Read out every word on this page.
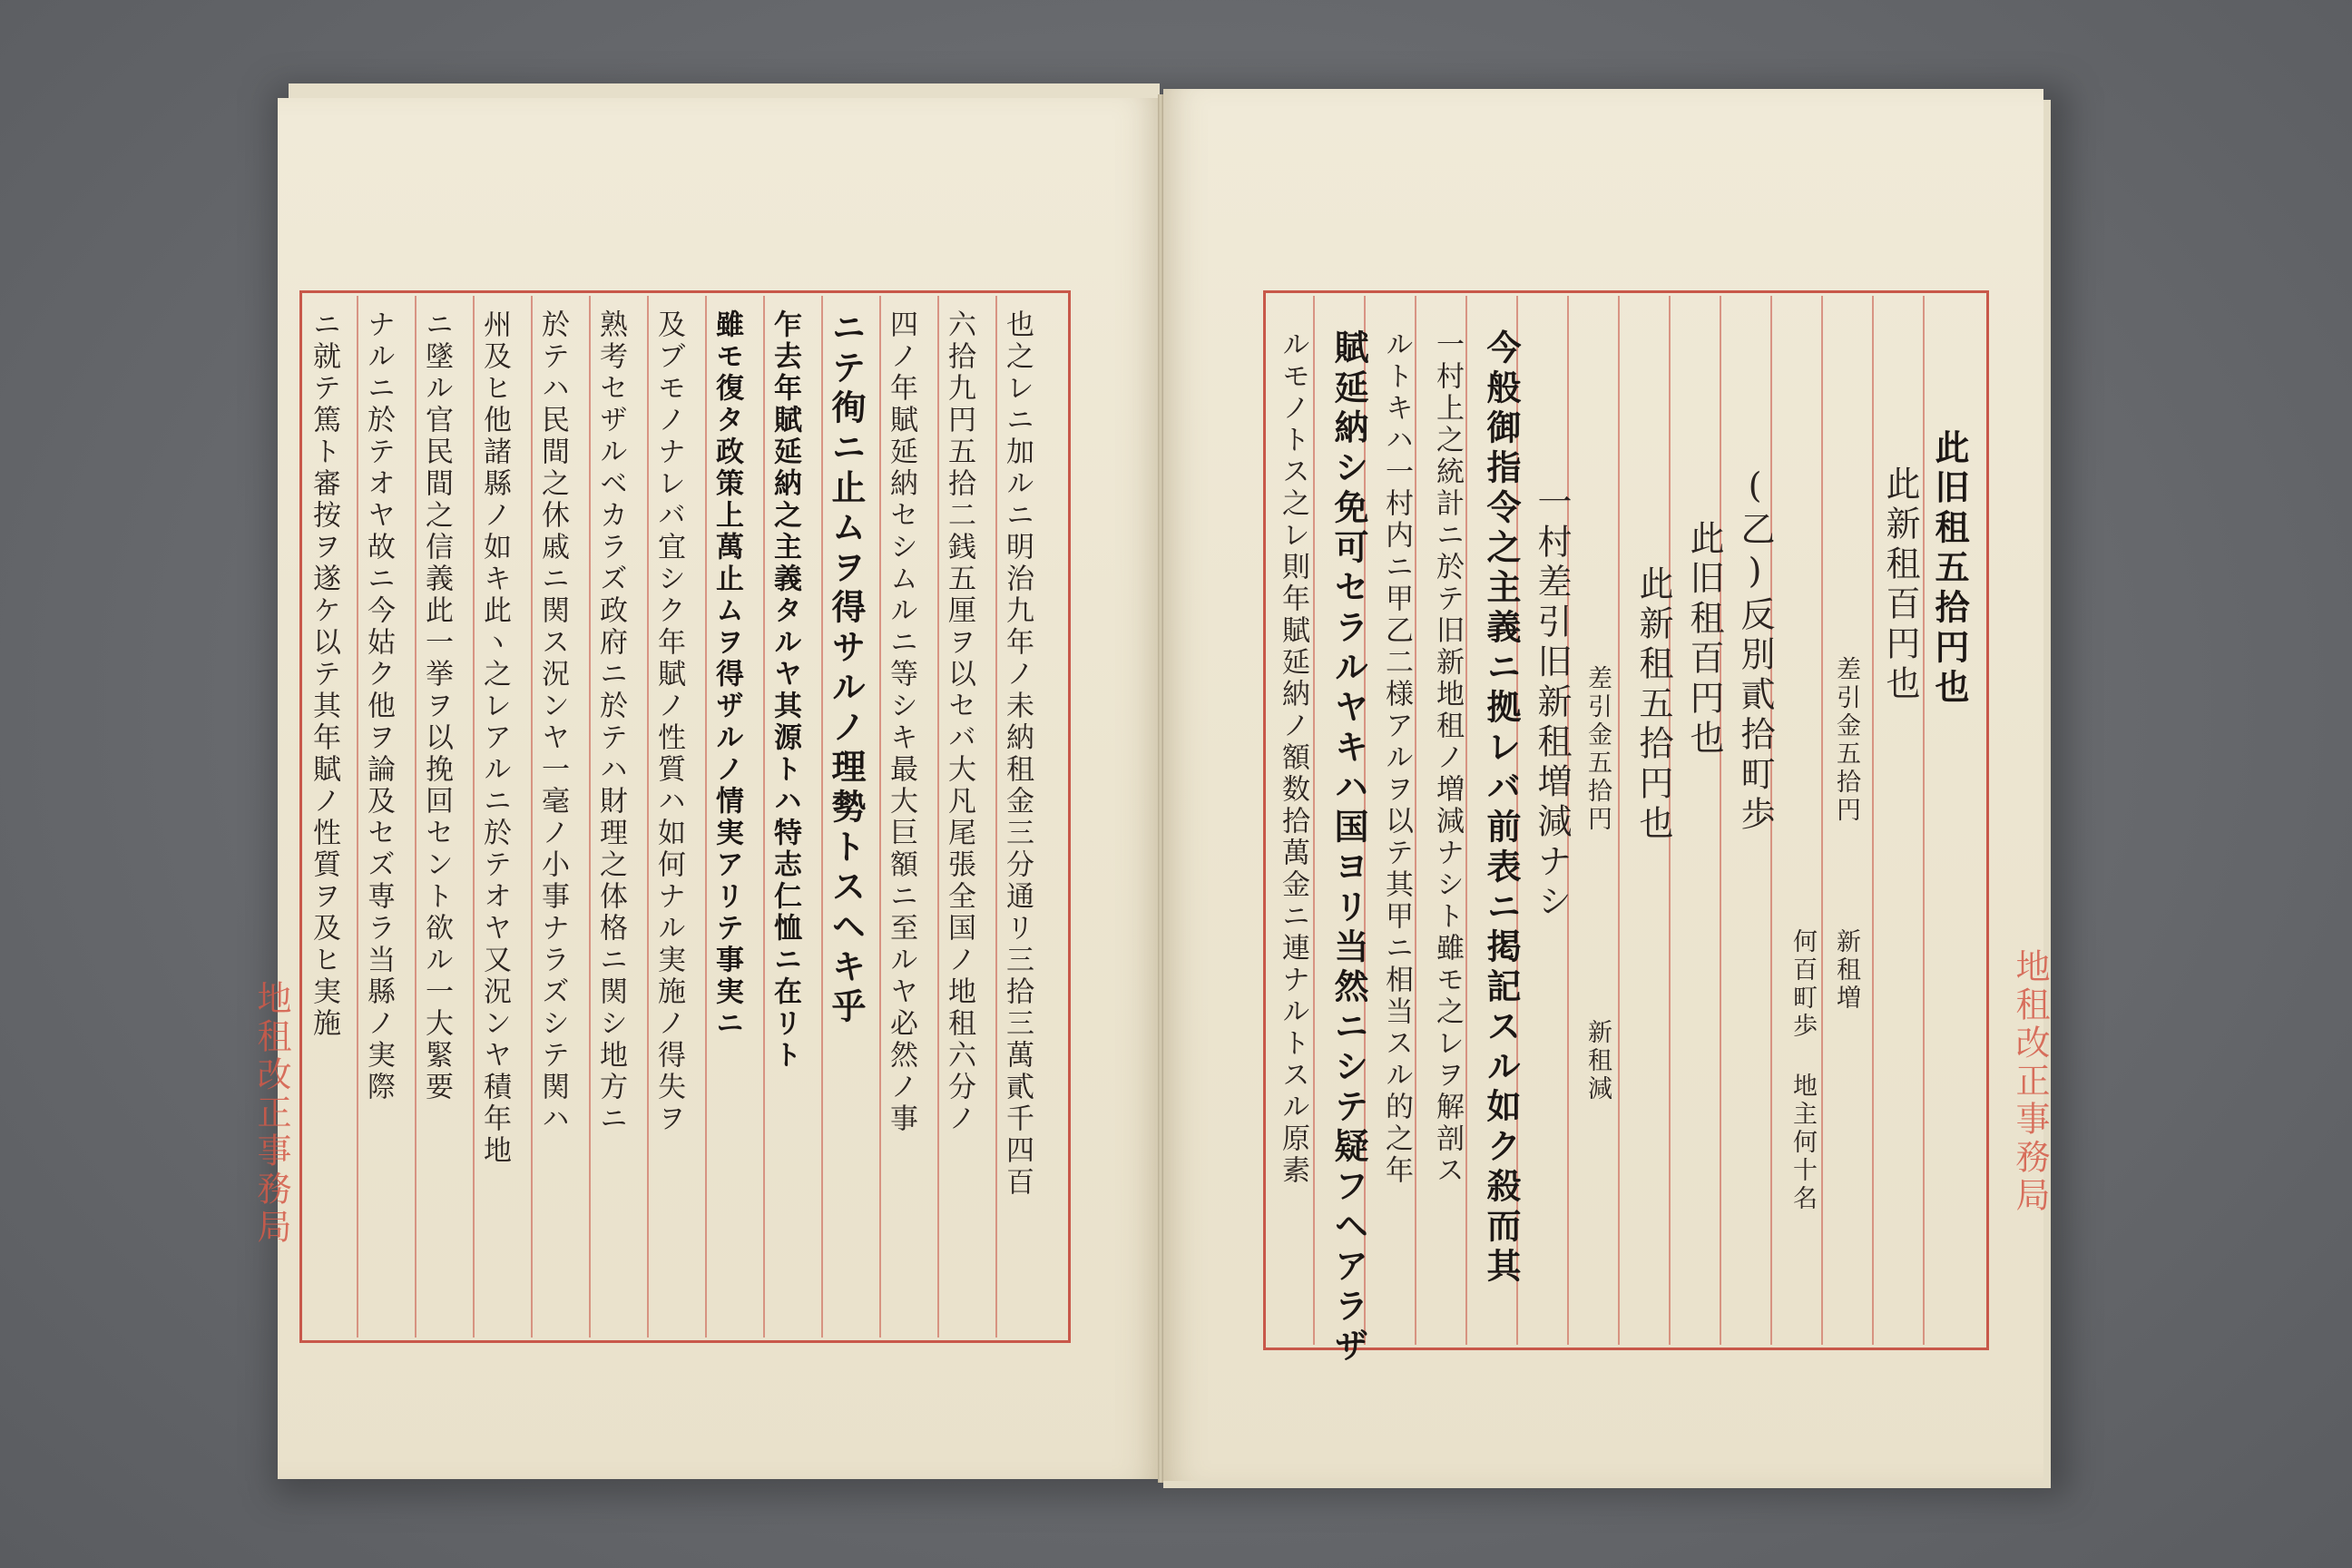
也之レニ加ルニ明治九年ノ未納租金三分通リ三拾三萬貳千四百
六拾九円五拾二銭五厘ヲ以セバ大凡尾張全国ノ地租六分ノ
四ノ年賦延納セシムルニ等シキ最大巨額ニ至ルヤ必然ノ事
ニテ徇ニ止ムヲ得サルノ理勢トスヘキ乎
乍去年賦延納之主義タルヤ其源トハ特志仁恤ニ在リト
雖モ復タ政策上萬止ムヲ得ザルノ情実アリテ事実ニ
及ブモノナレバ宜シク年賦ノ性質ハ如何ナル実施ノ得失ヲ
熟考セザルベカラズ政府ニ於テハ財理之体格ニ関シ地方ニ
於テハ民間之休戚ニ関ス況ンヤ一毫ノ小事ナラズシテ関ハ
州及ヒ他諸縣ノ如キ此ヽ之レアルニ於テオヤ又況ンヤ積年地
ニ墜ル官民間之信義此一挙ヲ以挽回セント欲ル一大緊要
ナルニ於テオヤ故ニ今姑ク他ヲ論及セズ専ラ当縣ノ実際
ニ就テ篤ト審按ヲ遂ケ以テ其年賦ノ性質ヲ及ヒ実施
地租改正事務局
此旧租五拾円也
此新租百円也
差引金五拾円
新租増
何百町歩 地主何十名
(乙)反別貳拾町歩
此旧租百円也
此新租五拾円也
差引金五拾円
新租減
一村差引旧新租増減ナシ
今般御指令之主義ニ拠レバ前表ニ掲記スル如ク殺而其
一村上之統計ニ於テ旧新地租ノ増減ナシト雖モ之レヲ解剖ス
ルトキハ一村内ニ甲乙二様アルヲ以テ其甲ニ相当スル的之年
賦延納シ免可セラルヤキハ国ヨリ当然ニシテ疑フヘアラザ
ルモノトス之レ則年賦延納ノ額数拾萬金ニ連ナルトスル原素	地租改正事務局
